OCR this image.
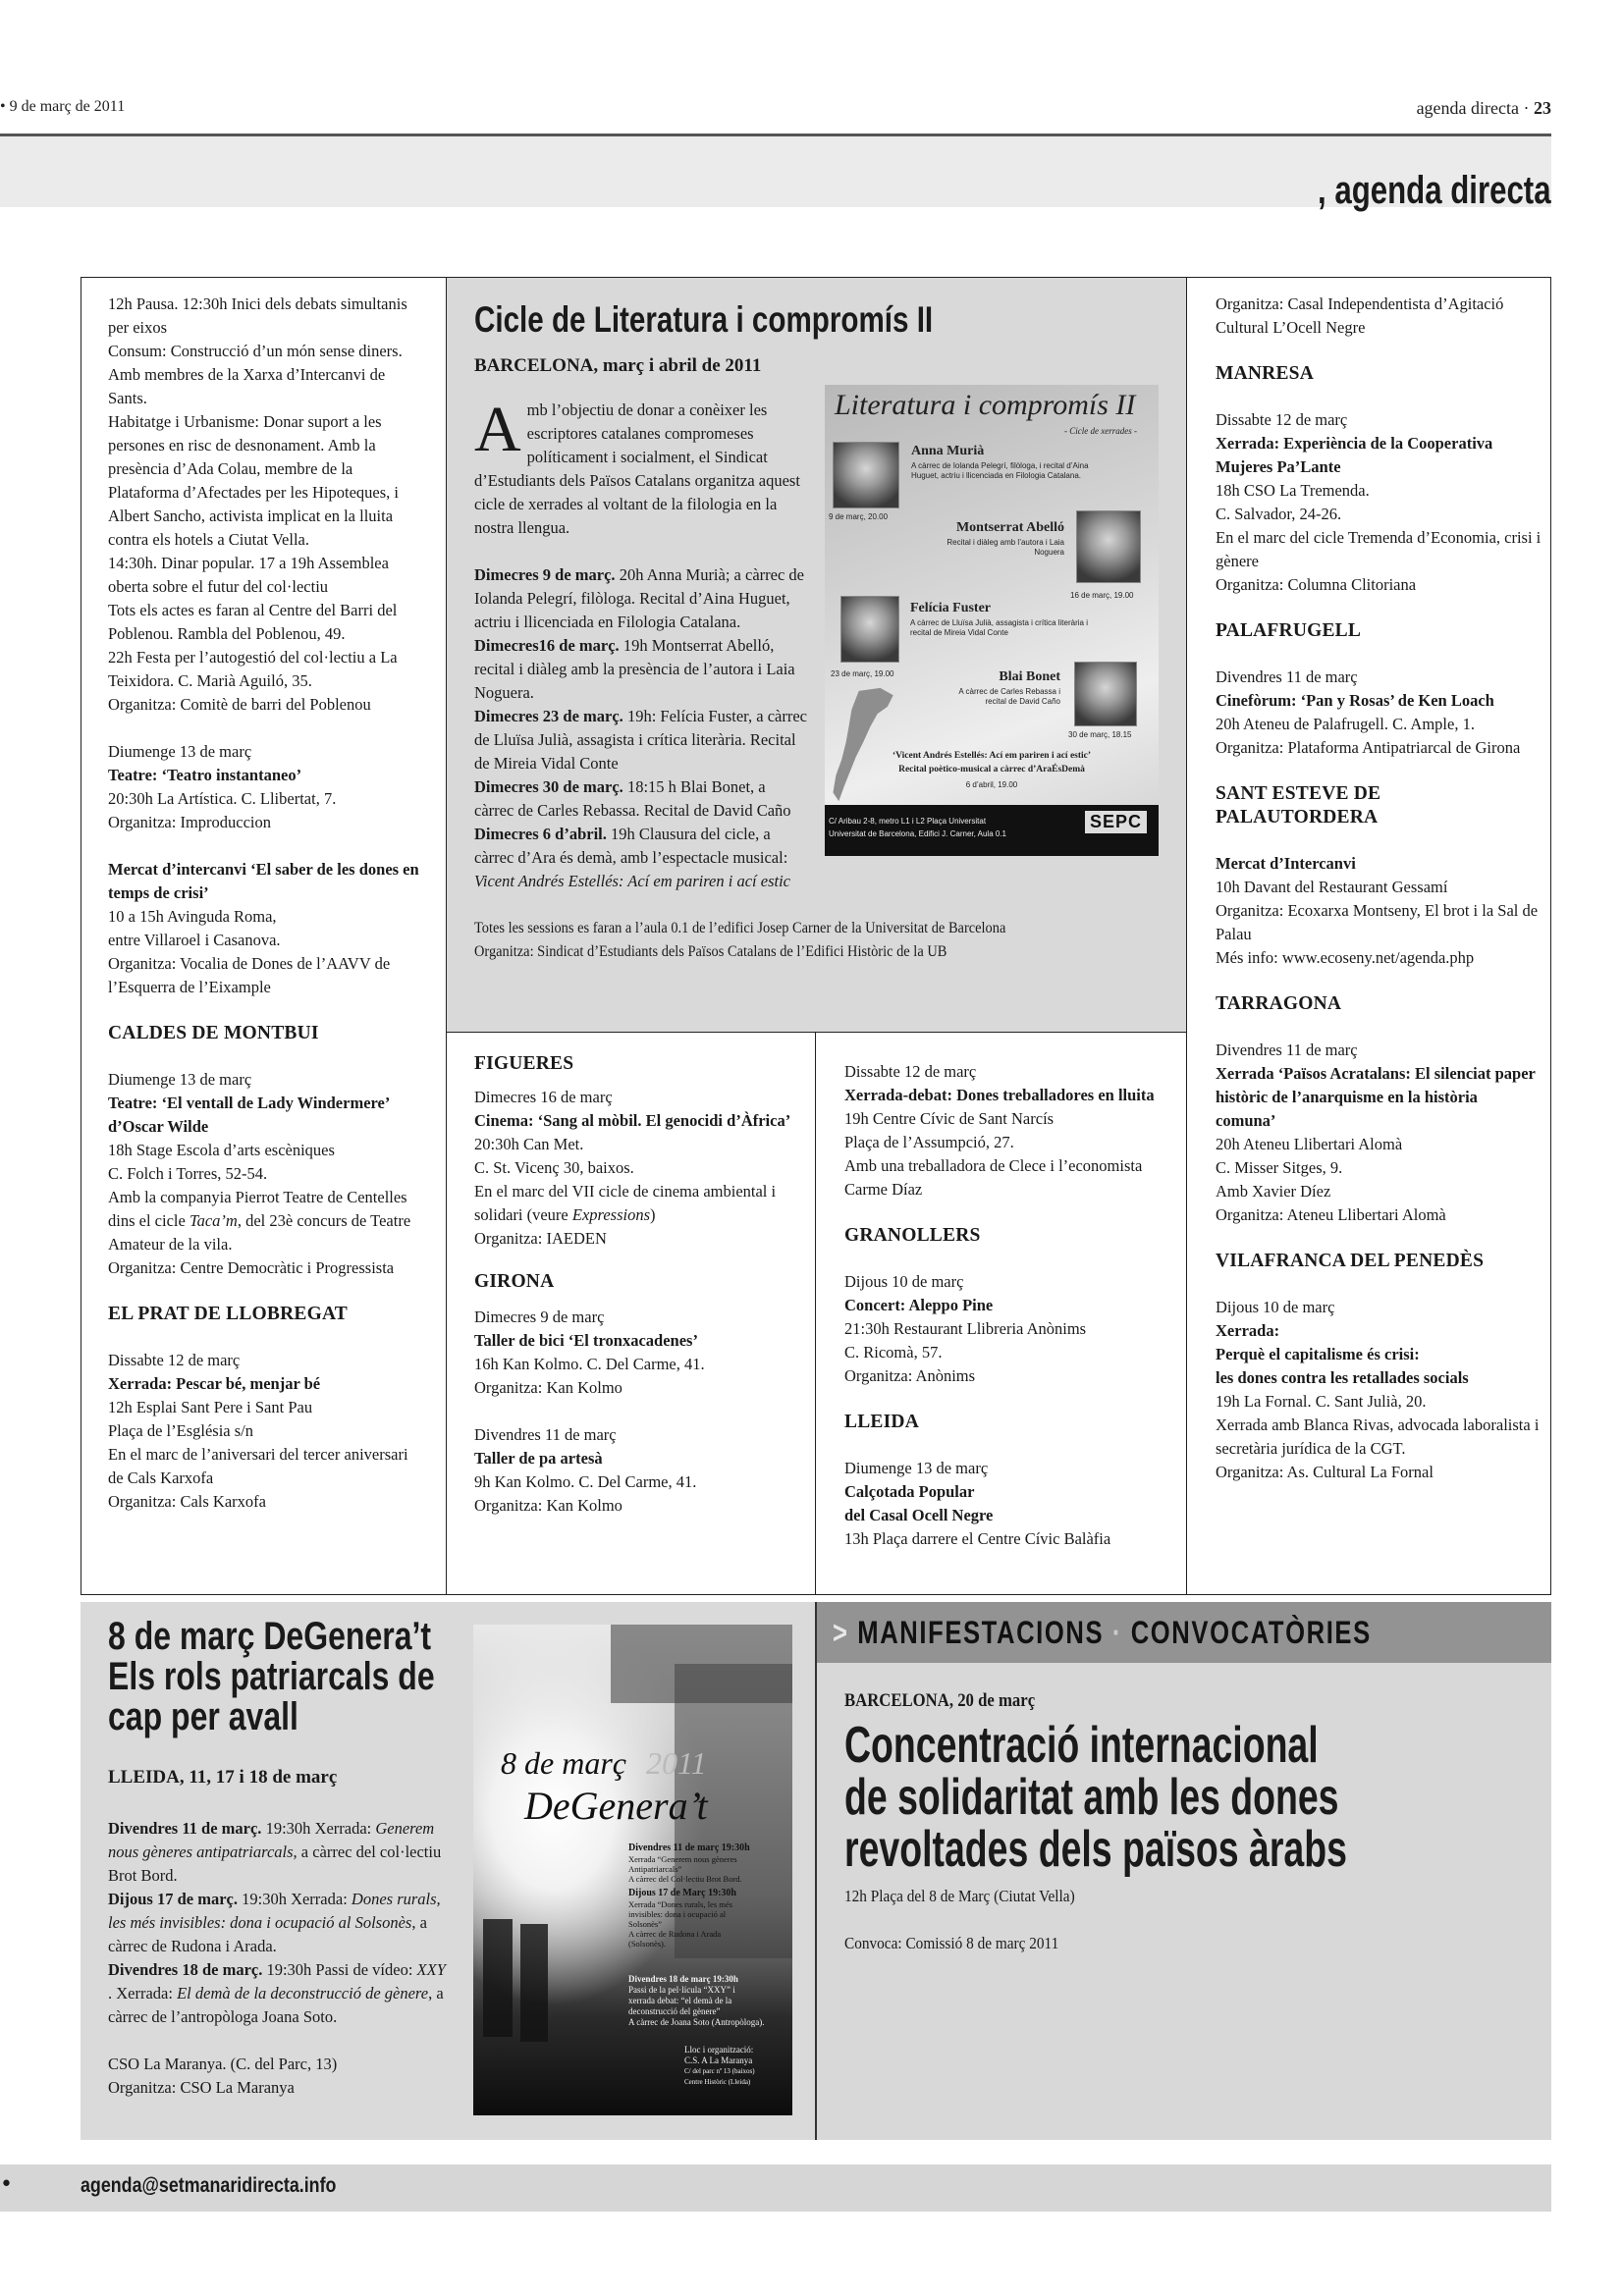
• 9 de març de 2011	agenda directa · 23
, agenda directa
12h Pausa. 12:30h Inici dels debats simultanis per eixos
Consum: Construcció d’un món sense diners. Amb membres de la Xarxa d’Intercanvi de Sants.
Habitatge i Urbanisme: Donar suport a les persones en risc de desnonament. Amb la presència d’Ada Colau, membre de la Plataforma d’Afectades per les Hipoteques, i Albert Sancho, activista implicat en la lluita contra els hotels a Ciutat Vella.
14:30h. Dinar popular. 17 a 19h Assemblea oberta sobre el futur del col·lectiu
Tots els actes es faran al Centre del Barri del Poblenou. Rambla del Poblenou, 49.
22h Festa per l’autogestió del col·lectiu a La Teixidora. C. Marià Aguiló, 35.
Organitza: Comitè de barri del Poblenou
Diumenge 13 de març
Teatre: ‘Teatro instantaneo’
20:30h La Artística. C. Llibertat, 7.
Organitza: Improduccion
Mercat d’intercanvi ‘El saber de les dones en temps de crisi’
10 a 15h Avinguda Roma,
entre Villaroel i Casanova.
Organitza: Vocalia de Dones de l’AAVV de l’Esquerra de l’Eixample
CALDES DE MONTBUI
Diumenge 13 de març
Teatre: ‘El ventall de Lady Windermere’ d’Oscar Wilde
18h Stage Escola d’arts escèniques
C. Folch i Torres, 52-54.
Amb la companyia Pierrot Teatre de Centelles dins el cicle Taca’m, del 23è concurs de Teatre Amateur de la vila.
Organitza: Centre Democràtic i Progressista
EL PRAT DE LLOBREGAT
Dissabte 12 de març
Xerrada: Pescar bé, menjar bé
12h Esplai Sant Pere i Sant Pau
Plaça de l’Església s/n
En el marc de l’aniversari del tercer aniversari de Cals Karxofa
Organitza: Cals Karxofa
Cicle de Literatura i compromís II
Literatura i compromís II
- Cicle de xerrades -
Anna Murià
A càrrec de Iolanda Pelegrí, filòloga, i recital d’Aina Huguet, actriu i llicenciada en Filologia Catalana.
9 de març, 20.00
Montserrat Abelló
Recital i diàleg amb l’autora i Laia Noguera
16 de març, 19.00
Felícia Fuster
A càrrec de Lluïsa Julià, assagista i crítica literària i recital de Mireia Vidal Conte
23 de març, 19.00	Blai Bonet
A càrrec de Carles Rebassa i recital de David Caño
30 de març, 18.15
‘Vicent Andrés Estellés: Ací em pariren i ací estic’
Recital poètico-musical a càrrec d’AraÉsDemà
6 d’abril, 19.00
C/ Aribau 2-8, metro L1 i L2 Plaça Universitat
Universitat de Barcelona, Edifici J. Carner, Aula 0.1
SEPC
BARCELONA, març i abril de 2011
Amb l’objectiu de donar a conèixer les escriptores catalanes compromeses políticament i socialment, el Sindicat d’Estudiants dels Països Catalans organitza aquest cicle de xerrades al voltant de la filologia en la nostra llengua.
Dimecres 9 de març. 20h Anna Murià; a càrrec de Iolanda Pelegrí, filòloga. Recital d’Aina Huguet, actriu i llicenciada en Filologia Catalana.
Dimecres16 de març. 19h Montserrat Abelló, recital i diàleg amb la presència de l’autora i Laia Noguera.
Dimecres 23 de març. 19h: Felícia Fuster, a càrrec de Lluïsa Julià, assagista i crítica literària. Recital de Mireia Vidal Conte
Dimecres 30 de març. 18:15 h Blai Bonet, a càrrec de Carles Rebassa. Recital de David Caño
Dimecres 6 d’abril. 19h Clausura del cicle, a càrrec d’Ara és demà, amb l’espectacle musical: Vicent Andrés Estellés: Ací em pariren i ací estic
Totes les sessions es faran a l’aula 0.1 de l’edifici Josep Carner de la Universitat de Barcelona
Organitza: Sindicat d’Estudiants dels Països Catalans de l’Edifici Històric de la UB
FIGUERES
Dimecres 16 de març
Cinema: ‘Sang al mòbil. El genocidi d’Àfrica’
20:30h Can Met.
C. St. Vicenç 30, baixos.
En el marc del VII cicle de cinema ambiental i solidari (veure Expressions)
Organitza: IAEDEN
GIRONA
Dimecres 9 de març
Taller de bici ‘El tronxacadenes’
16h Kan Kolmo. C. Del Carme, 41.
Organitza: Kan Kolmo
Divendres 11 de març
Taller de pa artesà
9h Kan Kolmo. C. Del Carme, 41.
Organitza: Kan Kolmo
Dissabte 12 de març
Xerrada-debat: Dones treballadores en lluita
19h Centre Cívic de Sant Narcís
Plaça de l’Assumpció, 27.
Amb una treballadora de Clece i l’economista Carme Díaz
GRANOLLERS
Dijous 10 de març
Concert: Aleppo Pine
21:30h Restaurant Llibreria Anònims
C. Ricomà, 57.
Organitza: Anònims
LLEIDA
Diumenge 13 de març
Calçotada Popular
del Casal Ocell Negre
13h Plaça darrere el Centre Cívic Balàfia
Organitza: Casal Independentista d’Agitació Cultural L’Ocell Negre
MANRESA
Dissabte 12 de març
Xerrada: Experiència de la Cooperativa Mujeres Pa’Lante
18h CSO La Tremenda.
C. Salvador, 24-26.
En el marc del cicle Tremenda d’Economia, crisi i gènere
Organitza: Columna Clitoriana
PALAFRUGELL
Divendres 11 de març
Cinefòrum: ‘Pan y Rosas’ de Ken Loach
20h Ateneu de Palafrugell. C. Ample, 1.
Organitza: Plataforma Antipatriarcal de Girona
SANT ESTEVE DE PALAUTORDERA
Mercat d’Intercanvi
10h Davant del Restaurant Gessamí
Organitza: Ecoxarxa Montseny, El brot i la Sal de Palau
Més info: www.ecoseny.net/agenda.php
TARRAGONA
Divendres 11 de març
Xerrada ‘Països Acratalans: El silenciat paper històric de l’anarquisme en la història comuna’
20h Ateneu Llibertari Alomà
C. Misser Sitges, 9.
Amb Xavier Díez
Organitza: Ateneu Llibertari Alomà
VILAFRANCA DEL PENEDÈS
Dijous 10 de març
Xerrada:
Perquè el capitalisme és crisi:
les dones contra les retallades socials
19h La Fornal. C. Sant Julià, 20.
Xerrada amb Blanca Rivas, advocada laboralista i secretària jurídica de la CGT.
Organitza: As. Cultural La Fornal
8 de març DeGenera’t
Els rols patriarcals de
cap per avall
LLEIDA, 11, 17 i 18 de març
Divendres 11 de març. 19:30h Xerrada: Generem nous gèneres antipatriarcals, a càrrec del col·lectiu Brot Bord.
Dijous 17 de març. 19:30h Xerrada: Dones rurals, les més invisibles: dona i ocupació al Solsonès, a càrrec de Rudona i Arada.
Divendres 18 de març. 19:30h Passi de vídeo: XXY . Xerrada: El demà de la deconstrucció de gènere, a càrrec de l’antropòloga Joana Soto.
CSO La Maranya. (C. del Parc, 13)
Organitza: CSO La Maranya
8 de març 2011
DeGenera’t
Divendres 11 de març 19:30h
Xerrada “Generem nous gèneres
Antipatriarcals”
A càrrec del Col·lectiu Brot Bord.
Dijous 17 de Març 19:30h
Xerrada “Dones rurals, les més
invisibles: dona i ocupació al
Solsonès”
A càrrec de Rudona i Arada
(Solsonès).
Divendres 18 de març 19:30h
Passi de la pel·lícula “XXY” i
xerrada debat: “el demà de la
deconstrucció del gènere”
A càrrec de Joana Soto (Antropòloga).
Lloc i organització:
C.S. A La Maranya
C/ del parc nº 13 (baixos)
Centre Històric (Lleida)
> MANIFESTACIONS · CONVOCATÒRIES
BARCELONA, 20 de març
Concentració internacional
de solidaritat amb les dones
revoltades dels països àrabs
12h Plaça del 8 de Març (Ciutat Vella)
Convoca: Comissió 8 de març 2011
•	agenda@setmanaridirecta.info
